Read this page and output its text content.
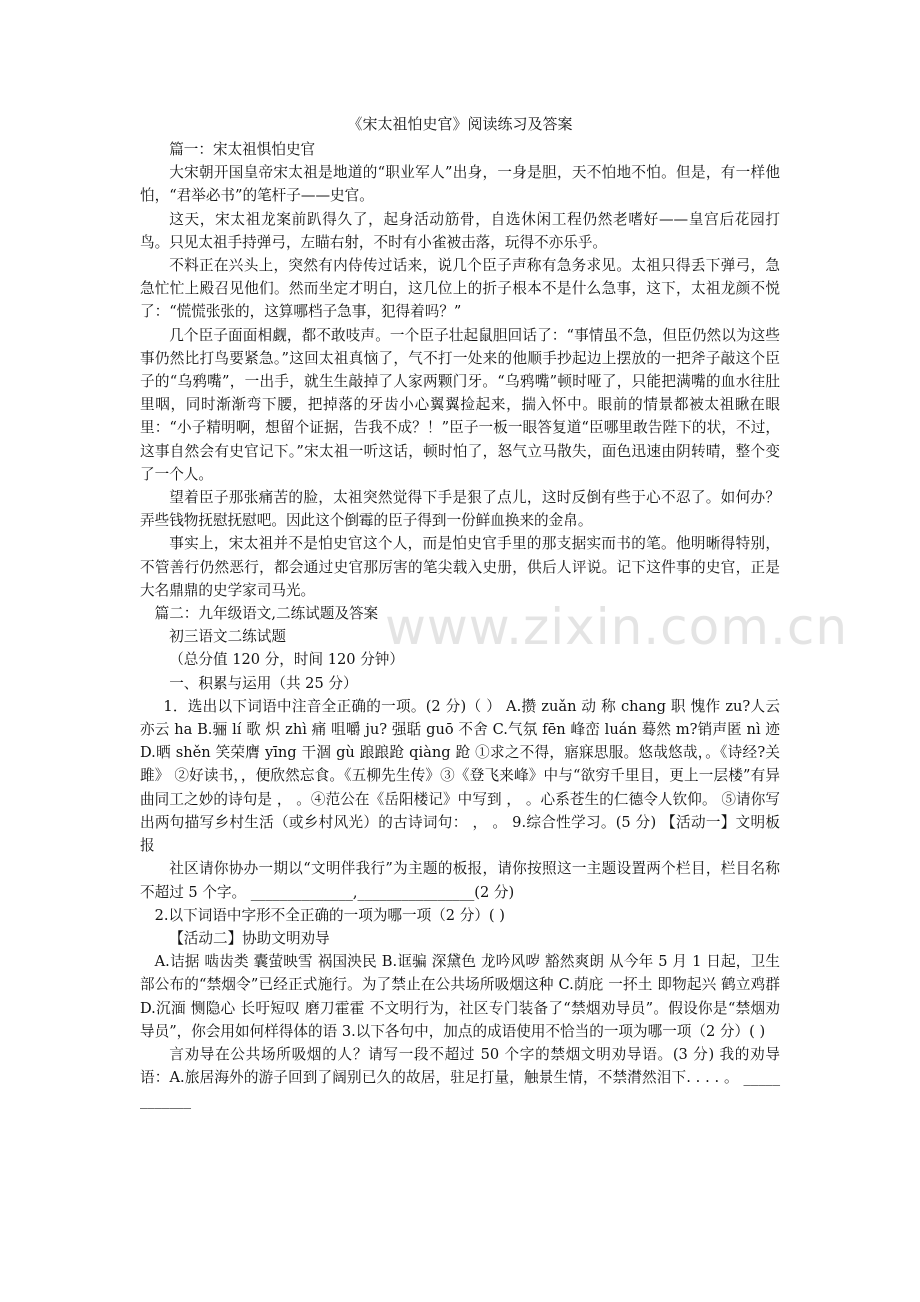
www.zixin.com.cn
《宋太祖怕史官》阅读练习及答案

篇一：宋太祖惧怕史官

大宋朝开国皇帝宋太祖是地道的“职业军人”出身，一身是胆，天不怕地不怕。但是，有一样他怕，“君举必书”的笔杆子——史官。

这天，宋太祖龙案前趴得久了，起身活动筋骨，自选休闲工程仍然老嗜好——皇宫后花园打鸟。只见太祖手持弹弓，左瞄右射，不时有小雀被击落，玩得不亦乐乎。

不料正在兴头上，突然有内侍传过话来，说几个臣子声称有急务求见。太祖只得丢下弹弓，急急忙忙上殿召见他们。然而坐定才明白，这几位上的折子根本不是什么急事，这下，太祖龙颜不悦了：“慌慌张张的，这算哪档子急事，犯得着吗？”

几个臣子面面相觑，都不敢吱声。一个臣子壮起鼠胆回话了：“事情虽不急，但臣仍然以为这些事仍然比打鸟要紧急。”这回太祖真恼了，气不打一处来的他顺手抄起边上摆放的一把斧子敲这个臣子的“乌鸦嘴”，一出手，就生生敲掉了人家两颗门牙。“乌鸦嘴”顿时哑了，只能把满嘴的血水往肚里咽，同时渐渐弯下腰，把掉落的牙齿小心翼翼捡起来，揣入怀中。眼前的情景都被太祖瞅在眼里：“小子精明啊，想留个证据，告我不成？！”臣子一板一眼答复道“臣哪里敢告陛下的状，不过，这事自然会有史官记下。”宋太祖一听这话，顿时怕了，怒气立马散失，面色迅速由阴转晴，整个变了一个人。

望着臣子那张痛苦的脸，太祖突然觉得下手是狠了点儿，这时反倒有些于心不忍了。如何办？弄些钱物抚慰抚慰吧。因此这个倒霉的臣子得到一份鲜血换来的金帛。

事实上，宋太祖并不是怕史官这个人，而是怕史官手里的那支据实而书的笔。他明晰得特别，不管善行仍然恶行，都会通过史官那厉害的笔尖载入史册，供后人评说。记下这件事的史官，正是大名鼎鼎的史学家司马光。

篇二：九年级语文,二练试题及答案

初三语文二练试题

（总分值 120 分，时间 120 分钟）

一、积累与运用（共 25 分）

1．选出以下词语中注音全正确的一项。(2 分)（ ） A.攒 zuǎn 动 称 chang 职 愧作 zu?人云亦云 ha B.骊 lí 歌 炽 zhì 痛 咀嚼 ju? 强聒 guō 不舍 C.气氛 fēn 峰峦 luán 蓦然 m?销声匿 nì 迹 D.晒 shěn 笑荣膺 yīng 干涸 gù 踉踉跄 qiàng 跄 ①求之不得，寤寐思服。悠哉悠哉，。《诗经?关雎》 ②好读书，，便欣然忘食。《五柳先生传》③《登飞来峰》中与“欲穷千里目，更上一层楼”有异曲同工之妙的诗句是 ， 。④范公在《岳阳楼记》中写到 ， 。心系苍生的仁德令人钦仰。 ⑤请你写出两句描写乡村生活（或乡村风光）的古诗词句： ， 。 9.综合性学习。(5 分) 【活动一】文明板报

社区请你协办一期以“文明伴我行”为主题的板报，请你按照这一主题设置两个栏目，栏目名称不超过 5 个字。 ______________,________________(2 分)

2.以下词语中字形不全正确的一项为哪一项（2 分）( )

【活动二】协助文明劝导

A.诘据 啮齿类 囊萤映雪 祸国泱民 B.诓骗 深黛色 龙吟风哕 豁然爽朗 从今年 5 月 1 日起，卫生部公布的“禁烟令”已经正式施行。为了禁止在公共场所吸烟这种 C.荫庇 一抔土 即物起兴 鹤立鸡群 D.沉湎 恻隐心 长吁短叹 磨刀霍霍 不文明行为，社区专门装备了“禁烟劝导员”。假设你是“禁烟劝导员”，你会用如何样得体的语 3.以下各句中，加点的成语使用不恰当的一项为哪一项（2 分）( )

言劝导在公共场所吸烟的人？请写一段不超过 50 个字的禁烟文明劝导语。(3 分) 我的劝导语：A.旅居海外的游子回到了阔别已久的故居，驻足打量，触景生情，不禁潸然泪下. . . . 。 ____________
